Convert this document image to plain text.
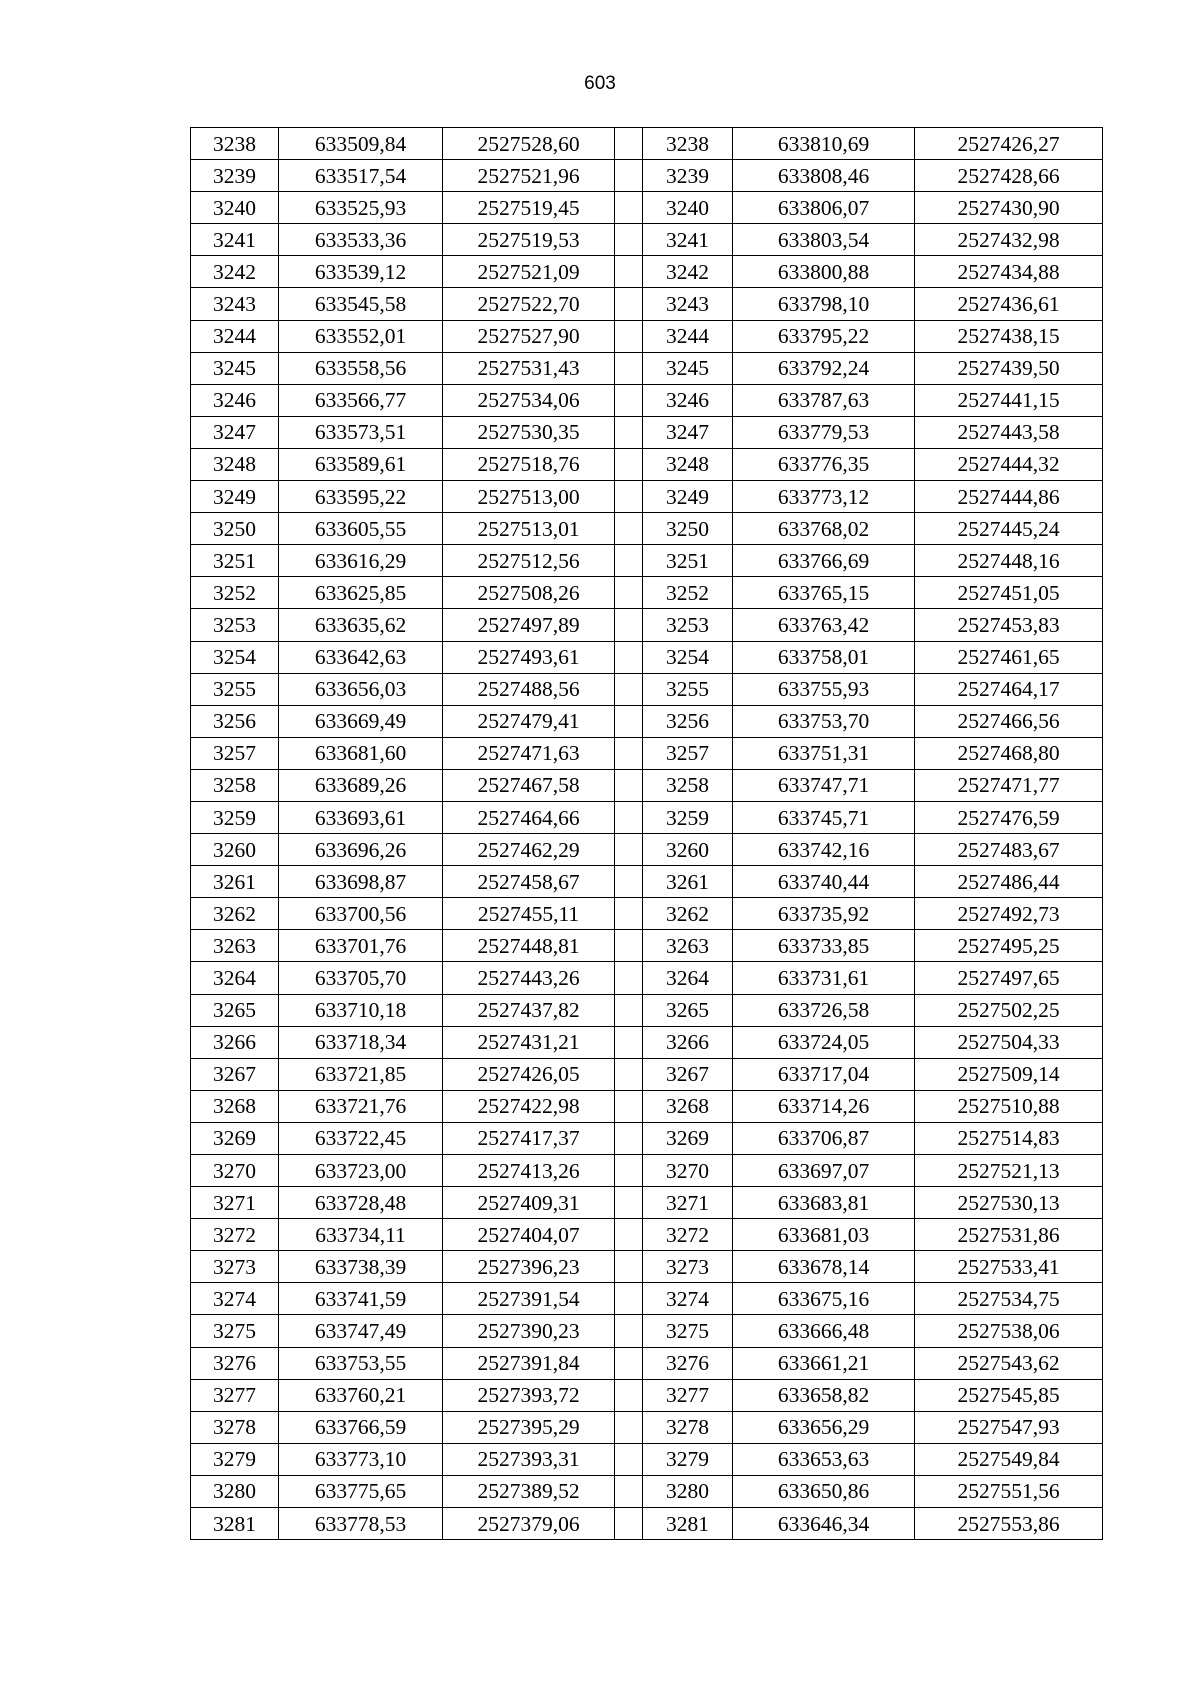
603
3238	633509,84	2527528,60		3238	633810,69	2527426,27
3239	633517,54	2527521,96		3239	633808,46	2527428,66
3240	633525,93	2527519,45		3240	633806,07	2527430,90
3241	633533,36	2527519,53		3241	633803,54	2527432,98
3242	633539,12	2527521,09		3242	633800,88	2527434,88
3243	633545,58	2527522,70		3243	633798,10	2527436,61
3244	633552,01	2527527,90		3244	633795,22	2527438,15
3245	633558,56	2527531,43		3245	633792,24	2527439,50
3246	633566,77	2527534,06		3246	633787,63	2527441,15
3247	633573,51	2527530,35		3247	633779,53	2527443,58
3248	633589,61	2527518,76		3248	633776,35	2527444,32
3249	633595,22	2527513,00		3249	633773,12	2527444,86
3250	633605,55	2527513,01		3250	633768,02	2527445,24
3251	633616,29	2527512,56		3251	633766,69	2527448,16
3252	633625,85	2527508,26		3252	633765,15	2527451,05
3253	633635,62	2527497,89		3253	633763,42	2527453,83
3254	633642,63	2527493,61		3254	633758,01	2527461,65
3255	633656,03	2527488,56		3255	633755,93	2527464,17
3256	633669,49	2527479,41		3256	633753,70	2527466,56
3257	633681,60	2527471,63		3257	633751,31	2527468,80
3258	633689,26	2527467,58		3258	633747,71	2527471,77
3259	633693,61	2527464,66		3259	633745,71	2527476,59
3260	633696,26	2527462,29		3260	633742,16	2527483,67
3261	633698,87	2527458,67		3261	633740,44	2527486,44
3262	633700,56	2527455,11		3262	633735,92	2527492,73
3263	633701,76	2527448,81		3263	633733,85	2527495,25
3264	633705,70	2527443,26		3264	633731,61	2527497,65
3265	633710,18	2527437,82		3265	633726,58	2527502,25
3266	633718,34	2527431,21		3266	633724,05	2527504,33
3267	633721,85	2527426,05		3267	633717,04	2527509,14
3268	633721,76	2527422,98		3268	633714,26	2527510,88
3269	633722,45	2527417,37		3269	633706,87	2527514,83
3270	633723,00	2527413,26		3270	633697,07	2527521,13
3271	633728,48	2527409,31		3271	633683,81	2527530,13
3272	633734,11	2527404,07		3272	633681,03	2527531,86
3273	633738,39	2527396,23		3273	633678,14	2527533,41
3274	633741,59	2527391,54		3274	633675,16	2527534,75
3275	633747,49	2527390,23		3275	633666,48	2527538,06
3276	633753,55	2527391,84		3276	633661,21	2527543,62
3277	633760,21	2527393,72		3277	633658,82	2527545,85
3278	633766,59	2527395,29		3278	633656,29	2527547,93
3279	633773,10	2527393,31		3279	633653,63	2527549,84
3280	633775,65	2527389,52		3280	633650,86	2527551,56
3281	633778,53	2527379,06		3281	633646,34	2527553,86
